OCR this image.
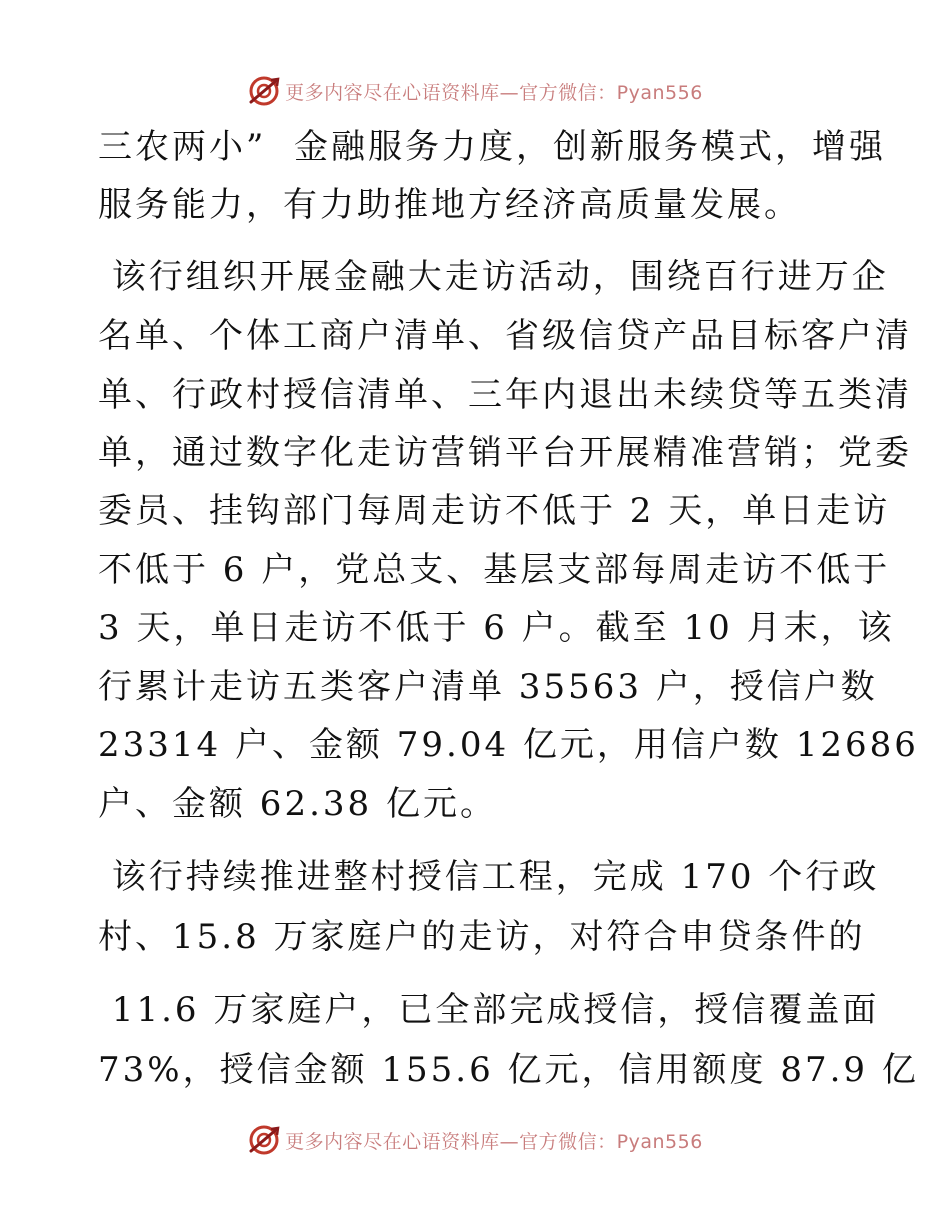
更多内容尽在心语资料库—官方微信：Pyan556
三农两小”  金融服务力度，创新服务模式，增强
服务能力，有力助推地方经济高质量发展。
该行组织开展金融大走访活动，围绕百行进万企
名单、个体工商户清单、省级信贷产品目标客户清
单、行政村授信清单、三年内退出未续贷等五类清
单，通过数字化走访营销平台开展精准营销；党委
委员、挂钩部门每周走访不低于 2 天，单日走访
不低于 6 户，党总支、基层支部每周走访不低于
3 天，单日走访不低于 6 户。截至 10 月末，该
行累计走访五类客户清单 35563 户，授信户数
23314 户、金额 79.04 亿元，用信户数 12686
户、金额 62.38 亿元。
该行持续推进整村授信工程，完成 170 个行政
村、15.8 万家庭户的走访，对符合申贷条件的
11.6 万家庭户，已全部完成授信，授信覆盖面
73%，授信金额 155.6 亿元，信用额度 87.9 亿
更多内容尽在心语资料库—官方微信：Pyan556
